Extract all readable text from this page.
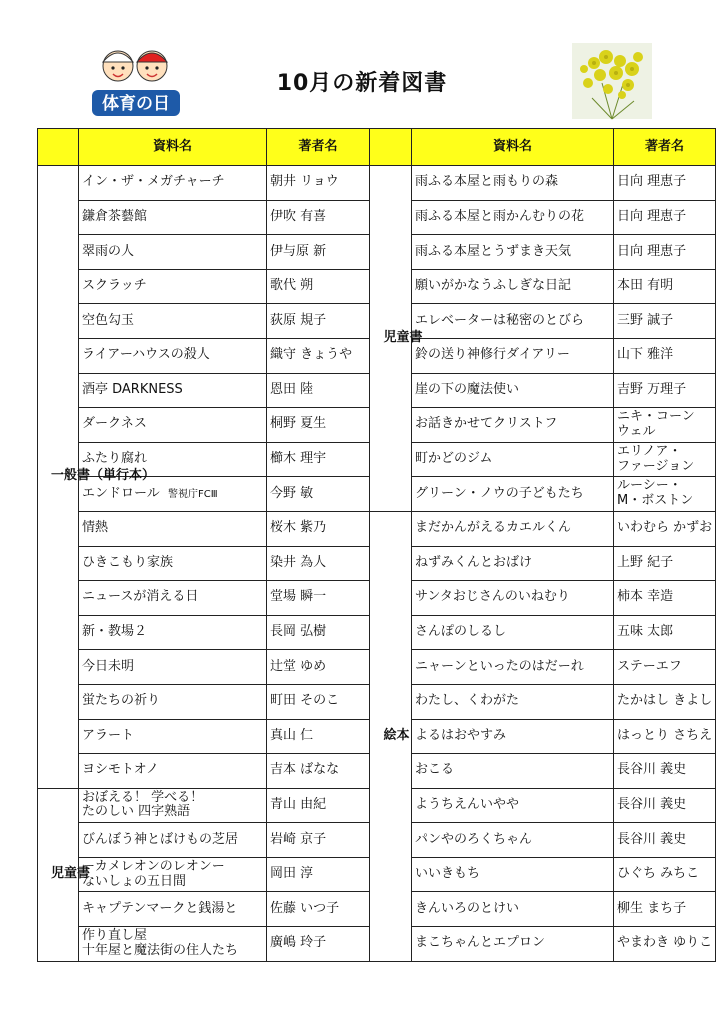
体育の日
10月の新着図書
	資料名	著者名		資料名	著者名
一般書（単行本）	イン・ザ・メガチャーチ	朝井 リョウ	児童書	雨ふる本屋と雨もりの森	日向 理恵子
	鎌倉茶藝館	伊吹 有喜		雨ふる本屋と雨かんむりの花	日向 理恵子
	翠雨の人	伊与原 新		雨ふる本屋とうずまき天気	日向 理恵子
	スクラッチ	歌代 朔		願いがかなうふしぎな日記	本田 有明
	空色勾玉	荻原 規子		エレベーターは秘密のとびら	三野 誠子
	ライアーハウスの殺人	織守 きょうや		鈴の送り神修行ダイアリー	山下 雅洋
	酒亭 DARKNESS	恩田 陸		崖の下の魔法使い	吉野 万理子
	ダークネス	桐野 夏生		お話きかせてクリストフ	ニキ・コーン
ウェル
	ふたり腐れ	櫛木 理宇		町かどのジム	エリノア・
ファージョン
	エンドロール 警視庁FCⅢ	今野 敏		グリーン・ノウの子どもたち	ルーシー・
M・ボストン
	情熱	桜木 紫乃	絵本	まだかんがえるカエルくん	いわむら かずお
	ひきこもり家族	染井 為人		ねずみくんとおばけ	上野 紀子
	ニュースが消える日	堂場 瞬一		サンタおじさんのいねむり	柿本 幸造
	新・教場２	長岡 弘樹		さんぽのしるし	五味 太郎
	今日未明	辻堂 ゆめ		ニャーンといったのはだーれ	ステーエフ
	蛍たちの祈り	町田 そのこ		わたし、くわがた	たかはし きよし
	アラート	真山 仁		よるはおやすみ	はっとり さちえ
	ヨシモトオノ	吉本 ばなな		おこる	長谷川 義史
児童書	おぼえる！ 学べる！
たのしい 四字熟語	青山 由紀		ようちえんいやや	長谷川 義史
	びんぼう神とばけもの芝居	岩崎 京子		パンやのろくちゃん	長谷川 義史
	ーカメレオンのレオンー
ないしょの五日間	岡田 淳		いいきもち	ひぐち みちこ
	キャプテンマークと銭湯と	佐藤 いつ子		きんいろのとけい	柳生 まち子
	作り直し屋
十年屋と魔法街の住人たち	廣嶋 玲子		まこちゃんとエプロン	やまわき ゆりこ
